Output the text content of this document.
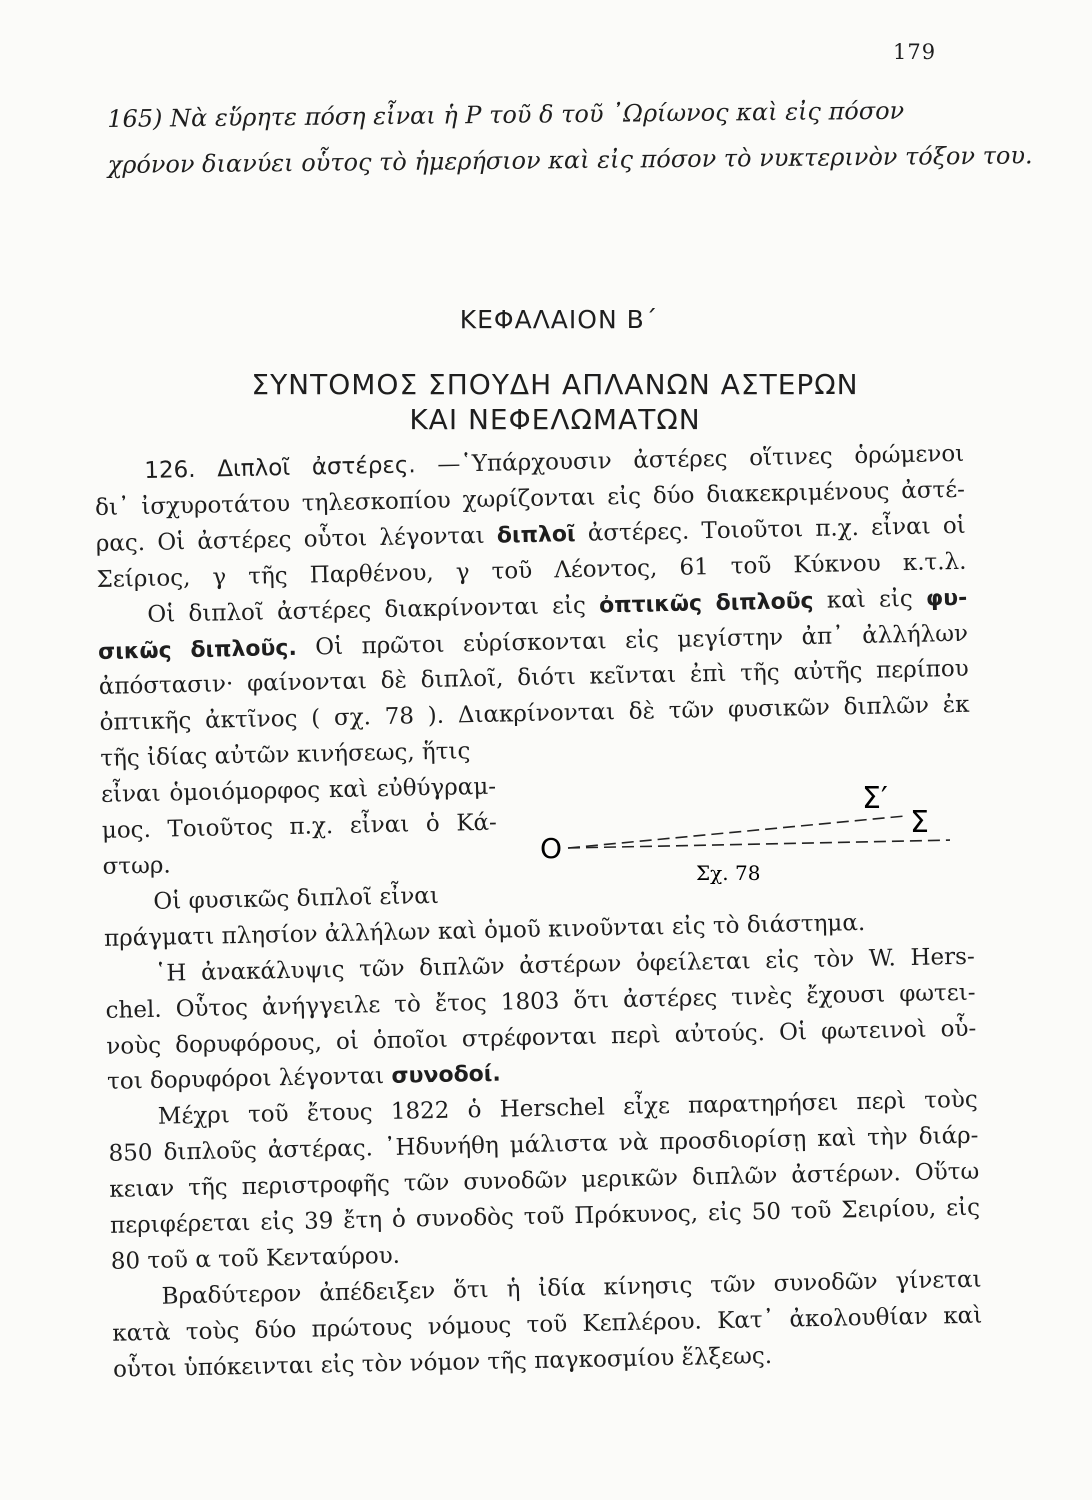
179
165) Νὰ εὕρητε πόση εἶναι ἡ P τοῦ δ τοῦ ᾿Ωρίωνος καὶ εἰς πόσον
χρόνον διανύει οὗτος τὸ ἡμερήσιον καὶ εἰς πόσον τὸ νυκτερινὸν τόξον του.
ΚΕΦΑΛΑΙΟΝ Β΄
ΣΥΝΤΟΜΟΣ ΣΠΟΥΔΗ ΑΠΛΑΝΩΝ ΑΣΤΕΡΩΝ
ΚΑΙ ΝΕΦΕΛΩΜΑΤΩΝ
126. Διπλοῖ ἀστέρες. —῾Υπάρχουσιν ἀστέρες οἵτινες ὁρώμενοι
δι᾿ ἰσχυροτάτου τηλεσκοπίου χωρίζονται εἰς δύο διακεκριμένους ἀστέ-
ρας. Οἱ ἀστέρες οὗτοι λέγονται διπλοῖ ἀστέρες. Τοιοῦτοι π.χ. εἶναι οἱ
Σείριος, γ τῆς Παρθένου, γ τοῦ Λέοντος, 61 τοῦ Κύκνου κ.τ.λ.
Οἱ διπλοῖ ἀστέρες διακρίνονται εἰς ὀπτικῶς διπλοῦς καὶ εἰς φυ-
σικῶς διπλοῦς. Οἱ πρῶτοι εὑρίσκονται εἰς μεγίστην ἀπ᾿ ἀλλήλων
ἀπόστασιν· φαίνονται δὲ διπλοῖ, διότι κεῖνται ἐπὶ τῆς αὐτῆς περίπου
ὀπτικῆς ἀκτῖνος ( σχ. 78 ). Διακρίνονται δὲ τῶν φυσικῶν διπλῶν ἐκ
τῆς ἰδίας αὐτῶν κινήσεως, ἥτις
εἶναι ὁμοιόμορφος καὶ εὐθύγραμ-
μος. Τοιοῦτος π.χ. εἶναι ὁ Κά-
στωρ.
Οἱ φυσικῶς διπλοῖ εἶναι
πράγματι πλησίον ἀλλήλων καὶ ὁμοῦ κινοῦνται εἰς τὸ διάστημα.
῾Η ἀνακάλυψις τῶν διπλῶν ἀστέρων ὀφείλεται εἰς τὸν W. Hers-
chel. Οὗτος ἀνήγγειλε τὸ ἔτος 1803 ὅτι ἀστέρες τινὲς ἔχουσι φωτει-
νοὺς δορυφόρους, οἱ ὁποῖοι στρέφονται περὶ αὐτούς. Οἱ φωτεινοὶ οὗ-
τοι δορυφόροι λέγονται συνοδοί.
Μέχρι τοῦ ἔτους 1822 ὁ Herschel εἶχε παρατηρήσει περὶ τοὺς
850 διπλοῦς ἀστέρας. ᾿Ηδυνήθη μάλιστα νὰ προσδιορίσῃ καὶ τὴν διάρ-
κειαν τῆς περιστροφῆς τῶν συνοδῶν μερικῶν διπλῶν ἀστέρων. Οὕτω
περιφέρεται εἰς 39 ἔτη ὁ συνοδὸς τοῦ Πρόκυνος, εἰς 50 τοῦ Σειρίου, εἰς
80 τοῦ α τοῦ Κενταύρου.
Βραδύτερον ἀπέδειξεν ὅτι ἡ ἰδία κίνησις τῶν συνοδῶν γίνεται
κατὰ τοὺς δύο πρώτους νόμους τοῦ Κεπλέρου. Κατ᾿ ἀκολουθίαν καὶ
οὗτοι ὑπόκεινται εἰς τὸν νόμον τῆς παγκοσμίου ἕλξεως.
Ο
Σ′
Σ
Σχ. 78
